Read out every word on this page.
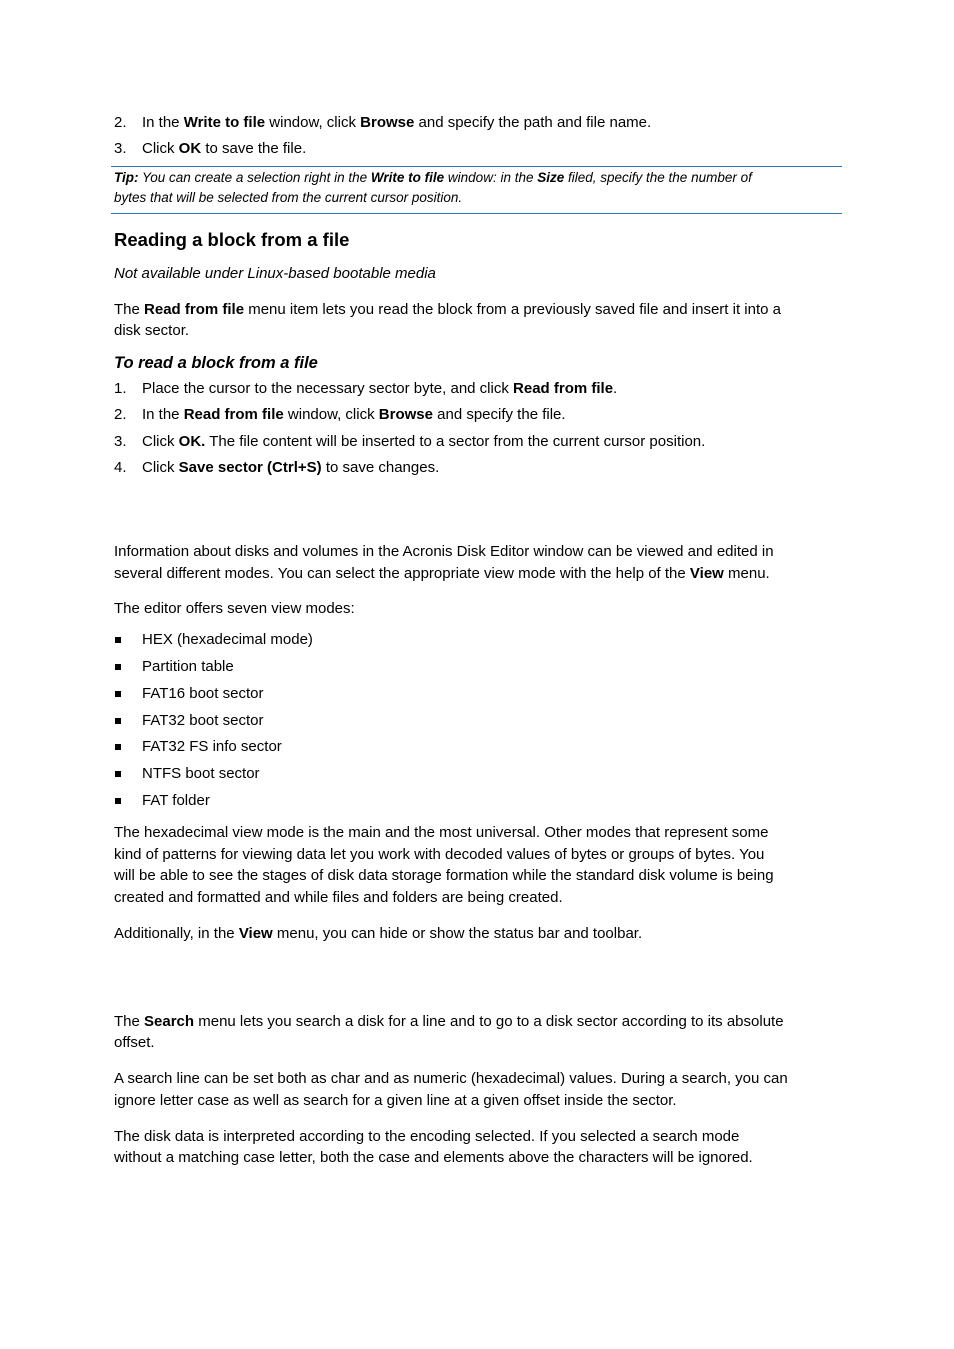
2.	In the Write to file window, click Browse and specify the path and file name.
3.	Click OK to save the file.
Tip: You can create a selection right in the Write to file window: in the Size filed, specify the the number of
bytes that will be selected from the current cursor position.
Reading a block from a file
Not available under Linux-based bootable media
The Read from file menu item lets you read the block from a previously saved file and insert it into a
disk sector.
To read a block from a file
1.	Place the cursor to the necessary sector byte, and click Read from file.
2.	In the Read from file window, click Browse and specify the file.
3.	Click OK. The file content will be inserted to a sector from the current cursor position.
4.	Click Save sector (Ctrl+S) to save changes.
Information about disks and volumes in the Acronis Disk Editor window can be viewed and edited in
several different modes. You can select the appropriate view mode with the help of the View menu.
The editor offers seven view modes:
HEX (hexadecimal mode)
Partition table
FAT16 boot sector
FAT32 boot sector
FAT32 FS info sector
NTFS boot sector
FAT folder
The hexadecimal view mode is the main and the most universal. Other modes that represent some
kind of patterns for viewing data let you work with decoded values of bytes or groups of bytes. You
will be able to see the stages of disk data storage formation while the standard disk volume is being
created and formatted and while files and folders are being created.
Additionally, in the View menu, you can hide or show the status bar and toolbar.
The Search menu lets you search a disk for a line and to go to a disk sector according to its absolute
offset.
A search line can be set both as char and as numeric (hexadecimal) values. During a search, you can
ignore letter case as well as search for a given line at a given offset inside the sector.
The disk data is interpreted according to the encoding selected. If you selected a search mode
without a matching case letter, both the case and elements above the characters will be ignored.
